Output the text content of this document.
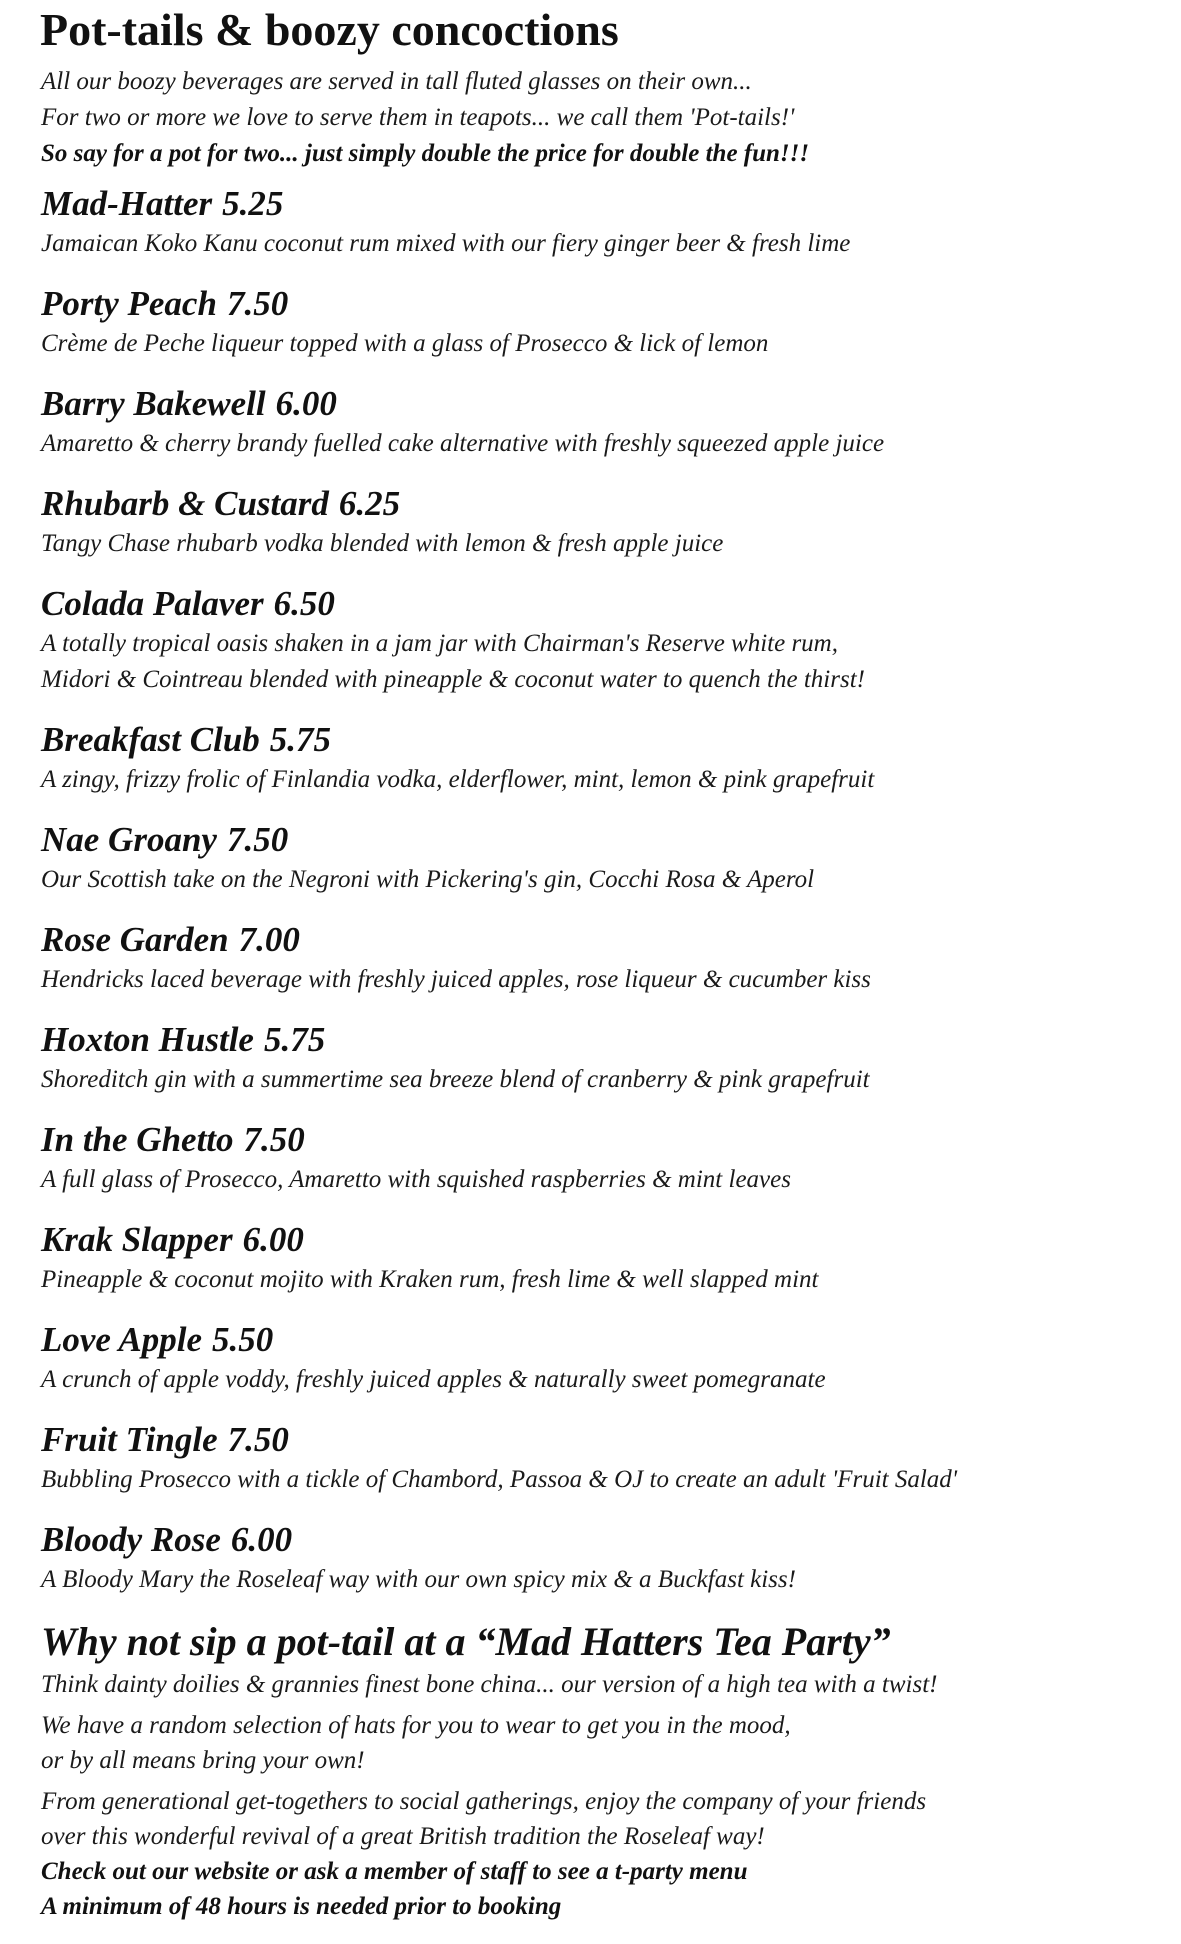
Pot-tails & boozy concoctions
All our boozy beverages are served in tall fluted glasses on their own...
For two or more we love to serve them in teapots... we call them 'Pot-tails!'
So say for a pot for two... just simply double the price for double the fun!!!
Mad-Hatter 5.25
Jamaican Koko Kanu coconut rum mixed with our fiery ginger beer & fresh lime
Porty Peach 7.50
Crème de Peche liqueur topped with a glass of Prosecco & lick of lemon
Barry Bakewell 6.00
Amaretto & cherry brandy fuelled cake alternative with freshly squeezed apple juice
Rhubarb & Custard 6.25
Tangy Chase rhubarb vodka blended with lemon & fresh apple juice
Colada Palaver 6.50
A totally tropical oasis shaken in a jam jar with Chairman's Reserve white rum,
Midori & Cointreau blended with pineapple & coconut water to quench the thirst!
Breakfast Club 5.75
A zingy, frizzy frolic of Finlandia vodka, elderflower, mint, lemon & pink grapefruit
Nae Groany 7.50
Our Scottish take on the Negroni with Pickering's gin, Cocchi Rosa & Aperol
Rose Garden 7.00
Hendricks laced beverage with freshly juiced apples, rose liqueur & cucumber kiss
Hoxton Hustle 5.75
Shoreditch gin with a summertime sea breeze blend of cranberry & pink grapefruit
In the Ghetto 7.50
A full glass of Prosecco, Amaretto with squished raspberries & mint leaves
Krak Slapper 6.00
Pineapple & coconut mojito with Kraken rum, fresh lime & well slapped mint
Love Apple 5.50
A crunch of apple voddy, freshly juiced apples & naturally sweet pomegranate
Fruit Tingle 7.50
Bubbling Prosecco with a tickle of Chambord, Passoa & OJ to create an adult 'Fruit Salad'
Bloody Rose 6.00
A Bloody Mary the Roseleaf way with our own spicy mix & a Buckfast kiss!
Why not sip a pot-tail at a “Mad Hatters Tea Party”
Think dainty doilies & grannies finest bone china... our version of a high tea with a twist!
We have a random selection of hats for you to wear to get you in the mood,
or by all means bring your own!
From generational get-togethers to social gatherings, enjoy the company of your friends
over this wonderful revival of a great British tradition the Roseleaf way!
Check out our website or ask a member of staff to see a t-party menu
A minimum of 48 hours is needed prior to booking
